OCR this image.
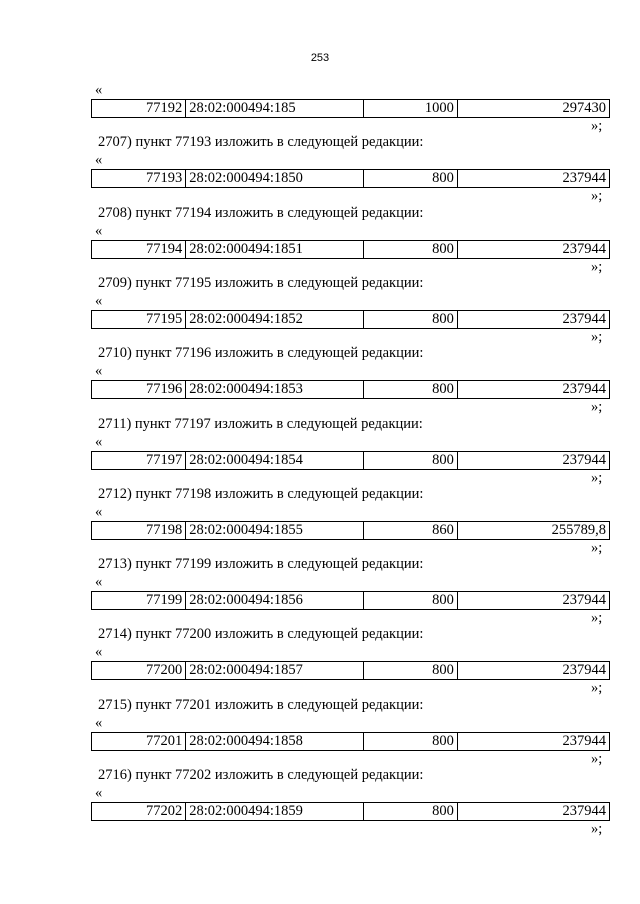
253
«
77192	28:02:000494:185	1000	297430
»;
2707) пункт 77193 изложить в следующей редакции:
«
77193	28:02:000494:1850	800	237944
»;
2708) пункт 77194 изложить в следующей редакции:
«
77194	28:02:000494:1851	800	237944
»;
2709) пункт 77195 изложить в следующей редакции:
«
77195	28:02:000494:1852	800	237944
»;
2710) пункт 77196 изложить в следующей редакции:
«
77196	28:02:000494:1853	800	237944
»;
2711) пункт 77197 изложить в следующей редакции:
«
77197	28:02:000494:1854	800	237944
»;
2712) пункт 77198 изложить в следующей редакции:
«
77198	28:02:000494:1855	860	255789,8
»;
2713) пункт 77199 изложить в следующей редакции:
«
77199	28:02:000494:1856	800	237944
»;
2714) пункт 77200 изложить в следующей редакции:
«
77200	28:02:000494:1857	800	237944
»;
2715) пункт 77201 изложить в следующей редакции:
«
77201	28:02:000494:1858	800	237944
»;
2716) пункт 77202 изложить в следующей редакции:
«
77202	28:02:000494:1859	800	237944
»;
